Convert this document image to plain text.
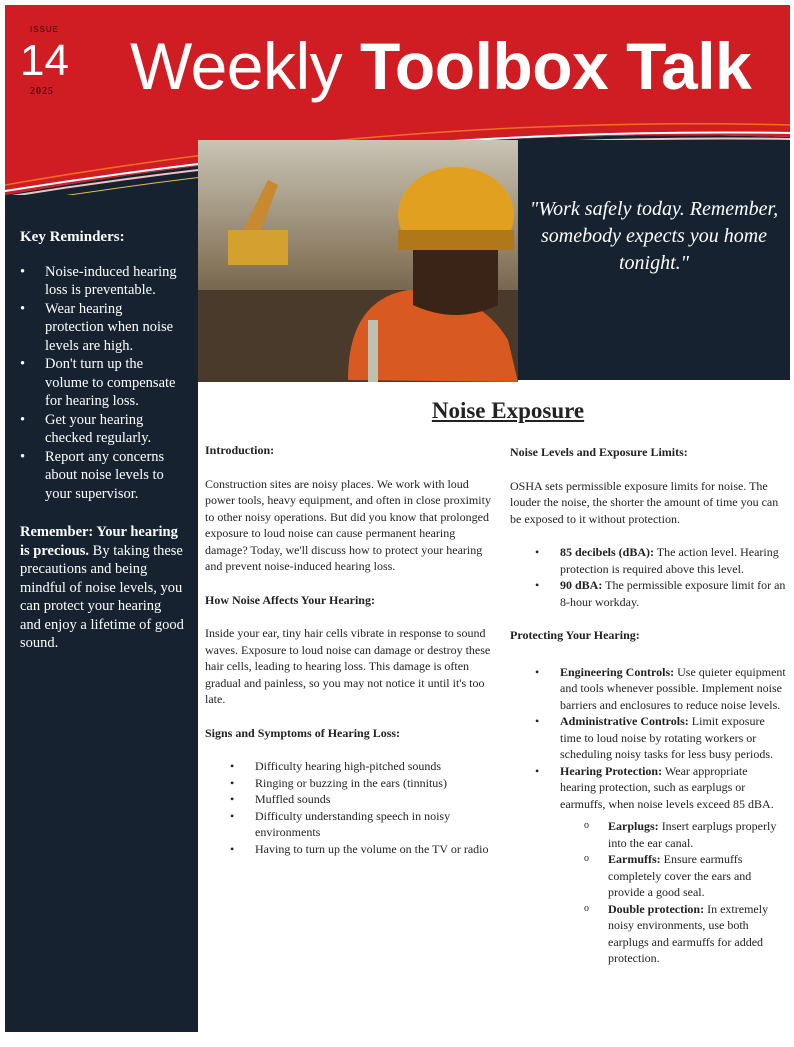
ISSUE
14
2025 Weekly Toolbox Talk
"Work safely today. Remember, somebody expects you home tonight."
Key Reminders:
• Noise-induced hearing loss is preventable.
• Wear hearing protection when noise levels are high.
• Don't turn up the volume to compensate for hearing loss.
• Get your hearing checked regularly.
• Report any concerns about noise levels to your supervisor.

Remember: Your hearing is precious. By taking these precautions and being mindful of noise levels, you can protect your hearing and enjoy a lifetime of good sound.

Noise Exposure
Introduction:

Construction sites are noisy places. We work with loud power tools, heavy equipment, and often in close proximity to other noisy operations. But did you know that prolonged exposure to loud noise can cause permanent hearing damage? Today, we'll discuss how to protect your hearing and prevent noise-induced hearing loss.

How Noise Affects Your Hearing:

Inside your ear, tiny hair cells vibrate in response to sound waves. Exposure to loud noise can damage or destroy these hair cells, leading to hearing loss. This damage is often gradual and painless, so you may not notice it until it's too late.

Signs and Symptoms of Hearing Loss:
• Difficulty hearing high-pitched sounds
• Ringing or buzzing in the ears (tinnitus)
• Muffled sounds
• Difficulty understanding speech in noisy environments
• Having to turn up the volume on the TV or radio
Noise Levels and Exposure Limits:

OSHA sets permissible exposure limits for noise. The louder the noise, the shorter the amount of time you can be exposed to it without protection.

• 85 decibels (dBA): The action level. Hearing protection is required above this level.
• 90 dBA: The permissible exposure limit for an 8-hour workday.
Protecting Your Hearing:
• Engineering Controls: Use quieter equipment and tools whenever possible. Implement noise barriers and enclosures to reduce noise levels.
• Administrative Controls: Limit exposure time to loud noise by rotating workers or scheduling noisy tasks for less busy periods.
• Hearing Protection: Wear appropriate hearing protection, such as earplugs or earmuffs, when noise levels exceed 85 dBA.
o Earplugs: Insert earplugs properly into the ear canal.
o Earmuffs: Ensure earmuffs completely cover the ears and provide a good seal.
o Double protection: In extremely noisy environments, use both earplugs and earmuffs for added protection.
